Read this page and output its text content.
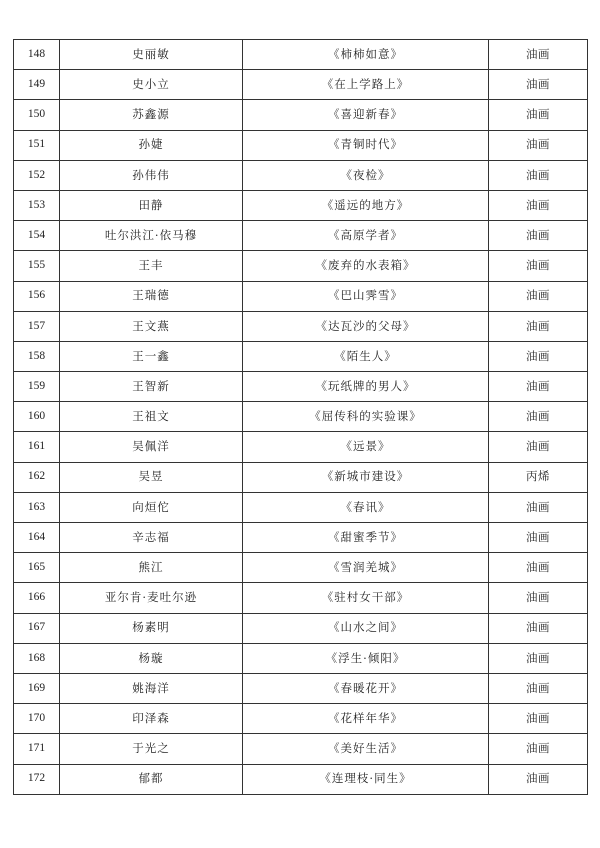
148	史丽敏	《柿柿如意》	油画
149	史小立	《在上学路上》	油画
150	苏鑫源	《喜迎新春》	油画
151	孙婕	《青铜时代》	油画
152	孙伟伟	《夜检》	油画
153	田静	《遥远的地方》	油画
154	吐尔洪江·依马穆	《高原学者》	油画
155	王丰	《废弃的水表箱》	油画
156	王瑞德	《巴山霁雪》	油画
157	王文燕	《达瓦沙的父母》	油画
158	王一鑫	《陌生人》	油画
159	王智新	《玩纸牌的男人》	油画
160	王祖文	《屈传科的实验课》	油画
161	吴佩洋	《远景》	油画
162	吴昱	《新城市建设》	丙烯
163	向烜佗	《春讯》	油画
164	辛志福	《甜蜜季节》	油画
165	熊江	《雪润羌城》	油画
166	亚尔肯·麦吐尔逊	《驻村女干部》	油画
167	杨素明	《山水之间》	油画
168	杨璇	《浮生·倾阳》	油画
169	姚海洋	《春暖花开》	油画
170	印泽森	《花样年华》	油画
171	于光之	《美好生活》	油画
172	郁都	《连理枝·同生》	油画
